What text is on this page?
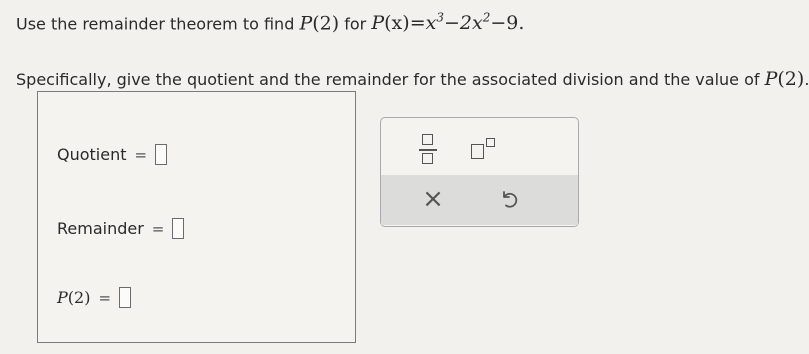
Use the remainder theorem to find P(2) for $P(x)=x^3-2x^2-9$.
Specifically, give the quotient and the remainder for the associated division and the value of P(2).
Quotient =
Remainder =
P(2) =
×
